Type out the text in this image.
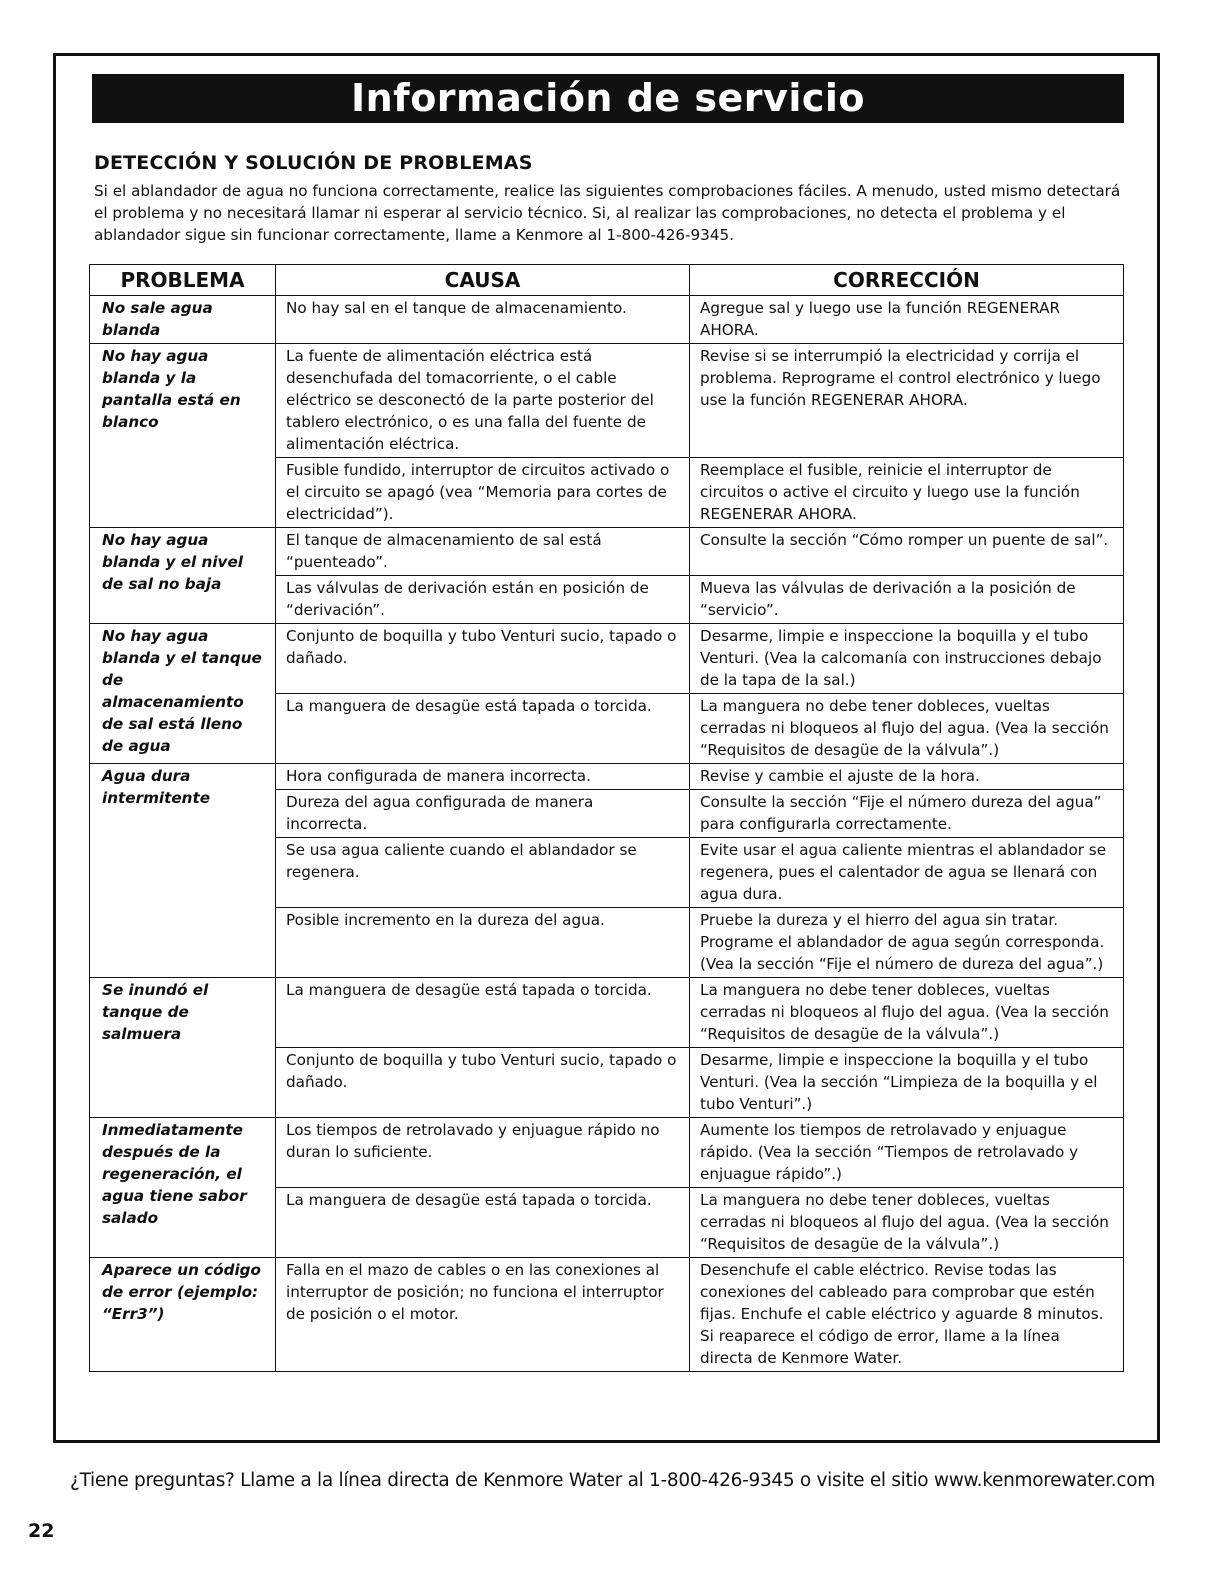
Información de servicio
DETECCIÓN Y SOLUCIÓN DE PROBLEMAS

Si el ablandador de agua no funciona correctamente, realice las siguientes comprobaciones fáciles. A menudo, usted mismo detectará el problema y no necesitará llamar ni esperar al servicio técnico. Si, al realizar las comprobaciones, no detecta el problema y el ablandador sigue sin funcionar correctamente, llame a Kenmore al 1-800-426-9345.

PROBLEMA	CAUSA	CORRECCIÓN
No sale agua blanda	No hay sal en el tanque de almacenamiento.	Agregue sal y luego use la función REGENERAR AHORA.
No hay agua blanda y la pantalla está en blanco	La fuente de alimentación eléctrica está desenchufada del tomacorriente, o el cable eléctrico se desconectó de la parte posterior del tablero electrónico, o es una falla del fuente de alimentación eléctrica.	Revise si se interrumpió la electricidad y corrija el problema. Reprograme el control electrónico y luego use la función REGENERAR AHORA.
	Fusible fundido, interruptor de circuitos activado o el circuito se apagó (vea “Memoria para cortes de electricidad”).	Reemplace el fusible, reinicie el interruptor de circuitos o active el circuito y luego use la función REGENERAR AHORA.
No hay agua blanda y el nivel de sal no baja	El tanque de almacenamiento de sal está “puenteado”.	Consulte la sección “Cómo romper un puente de sal”.
	Las válvulas de derivación están en posición de “derivación”.	Mueva las válvulas de derivación a la posición de “servicio”.
No hay agua blanda y el tanque de almacenamiento de sal está lleno de agua	Conjunto de boquilla y tubo Venturi sucio, tapado o dañado.	Desarme, limpie e inspeccione la boquilla y el tubo Venturi. (Vea la calcomanía con instrucciones debajo de la tapa de la sal.)
	La manguera de desagüe está tapada o torcida.	La manguera no debe tener dobleces, vueltas cerradas ni bloqueos al flujo del agua. (Vea la sección “Requisitos de desagüe de la válvula”.)
Agua dura intermitente	Hora configurada de manera incorrecta.	Revise y cambie el ajuste de la hora.
	Dureza del agua configurada de manera incorrecta.	Consulte la sección “Fije el número dureza del agua” para configurarla correctamente.
	Se usa agua caliente cuando el ablandador se regenera.	Evite usar el agua caliente mientras el ablandador se regenera, pues el calentador de agua se llenará con agua dura.
	Posible incremento en la dureza del agua.	Pruebe la dureza y el hierro del agua sin tratar. Programe el ablandador de agua según corresponda. (Vea la sección “Fije el número de dureza del agua”.)
Se inundó el tanque de salmuera	La manguera de desagüe está tapada o torcida.	La manguera no debe tener dobleces, vueltas cerradas ni bloqueos al flujo del agua. (Vea la sección “Requisitos de desagüe de la válvula”.)
	Conjunto de boquilla y tubo Venturi sucio, tapado o dañado.	Desarme, limpie e inspeccione la boquilla y el tubo Venturi. (Vea la sección “Limpieza de la boquilla y el tubo Venturi”.)
Inmediatamente después de la regeneración, el agua tiene sabor salado	Los tiempos de retrolavado y enjuague rápido no duran lo suficiente.	Aumente los tiempos de retrolavado y enjuague rápido. (Vea la sección “Tiempos de retrolavado y enjuague rápido”.)
	La manguera de desagüe está tapada o torcida.	La manguera no debe tener dobleces, vueltas cerradas ni bloqueos al flujo del agua. (Vea la sección “Requisitos de desagüe de la válvula”.)
Aparece un código de error (ejemplo: “Err3”)	Falla en el mazo de cables o en las conexiones al interruptor de posición; no funciona el interruptor de posición o el motor.	Desenchufe el cable eléctrico. Revise todas las conexiones del cableado para comprobar que estén fijas. Enchufe el cable eléctrico y aguarde 8 minutos. Si reaparece el código de error, llame a la línea directa de Kenmore Water.
¿Tiene preguntas? Llame a la línea directa de Kenmore Water al 1-800-426-9345 o visite el sitio www.kenmorewater.com
22
